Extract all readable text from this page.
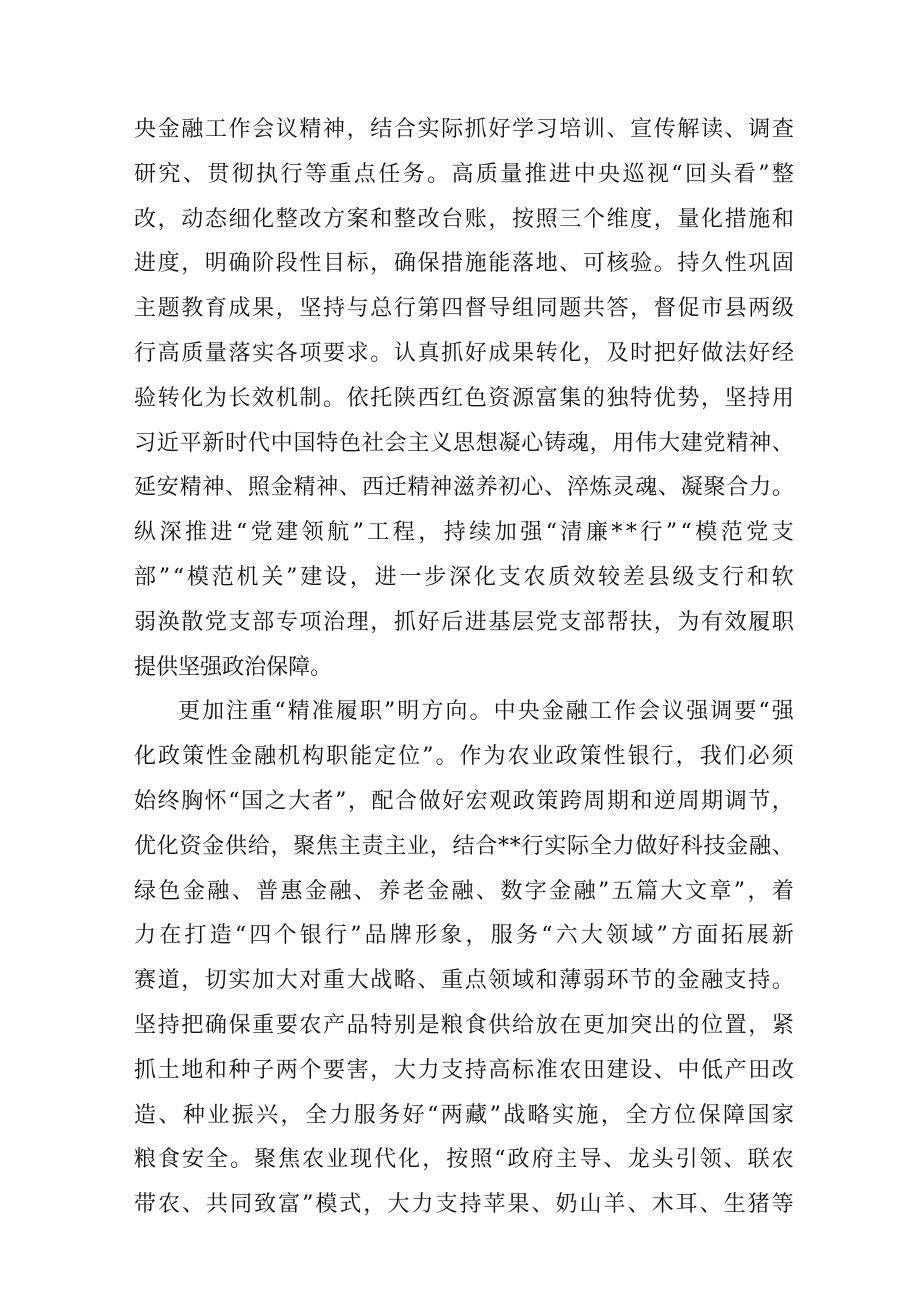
央 金 融 工 作 会 议 精 神 ， 结 合 实 际 抓 好 学 习 培 训 、 宣 传 解 读 、 调 查
研 究 、 贯 彻 执 行 等 重 点 任 务 。 高 质 量 推 进 中 央 巡 视 “ 回 头 看 ” 整
改 ， 动 态 细 化 整 改 方 案 和 整 改 台 账 ， 按 照 三 个 维 度 ， 量 化 措 施 和
进 度 ， 明 确 阶 段 性 目 标 ， 确 保 措 施 能 落 地 、 可 核 验 。 持 久 性 巩 固
主 题 教 育 成 果 ， 坚 持 与 总 行 第 四 督 导 组 同 题 共 答 ， 督 促 市 县 两 级
行 高 质 量 落 实 各 项 要 求 。 认 真 抓 好 成 果 转 化 ， 及 时 把 好 做 法 好 经
验 转 化 为 长 效 机 制 。 依 托 陕 西 红 色 资 源 富 集 的 独 特 优 势 ， 坚 持 用
习 近 平 新 时 代 中 国 特 色 社 会 主 义 思 想 凝 心 铸 魂 ， 用 伟 大 建 党 精 神 、
延 安 精 神 、 照 金 精 神 、 西 迁 精 神 滋 养 初 心 、 淬 炼 灵 魂 、 凝 聚 合 力 。
纵 深 推 进 “ 党 建 领 航 ” 工 程 ， 持 续 加 强 “ 清 廉 * * 行 ” “ 模 范 党 支
部 ” “ 模 范 机 关 ” 建 设 ， 进 一 步 深 化 支 农 质 效 较 差 县 级 支 行 和 软
弱 涣 散 党 支 部 专 项 治 理 ， 抓 好 后 进 基 层 党 支 部 帮 扶 ， 为 有 效 履 职
提 供 坚 强 政 治 保 障 。
更 加 注 重 “ 精 准 履 职 ” 明 方 向 。 中 央 金 融 工 作 会 议 强 调 要 “ 强
化 政 策 性 金 融 机 构 职 能 定 位 ” 。 作 为 农 业 政 策 性 银 行 ， 我 们 必 须
始 终 胸 怀 “ 国 之 大 者 ” ， 配 合 做 好 宏 观 政 策 跨 周 期 和 逆 周 期 调 节 ，
优 化 资 金 供 给 ， 聚 焦 主 责 主 业 ， 结 合 * * 行 实 际 全 力 做 好 科 技 金 融 、
绿 色 金 融 、 普 惠 金 融 、 养 老 金 融 、 数 字 金 融 ” 五 篇 大 文 章 ” ， 着
力 在 打 造 “ 四 个 银 行 ” 品 牌 形 象 ， 服 务 “ 六 大 领 域 ” 方 面 拓 展 新
赛 道 ， 切 实 加 大 对 重 大 战 略 、 重 点 领 域 和 薄 弱 环 节 的 金 融 支 持 。
坚 持 把 确 保 重 要 农 产 品 特 别 是 粮 食 供 给 放 在 更 加 突 出 的 位 置 ， 紧
抓 土 地 和 种 子 两 个 要 害 ， 大 力 支 持 高 标 准 农 田 建 设 、 中 低 产 田 改
造 、 种 业 振 兴 ， 全 力 服 务 好 “ 两 藏 ” 战 略 实 施 ， 全 方 位 保 障 国 家
粮 食 安 全 。 聚 焦 农 业 现 代 化 ， 按 照 “ 政 府 主 导 、 龙 头 引 领 、 联 农
带 农 、 共 同 致 富 ” 模 式 ， 大 力 支 持 苹 果 、 奶 山 羊 、 木 耳 、 生 猪 等
